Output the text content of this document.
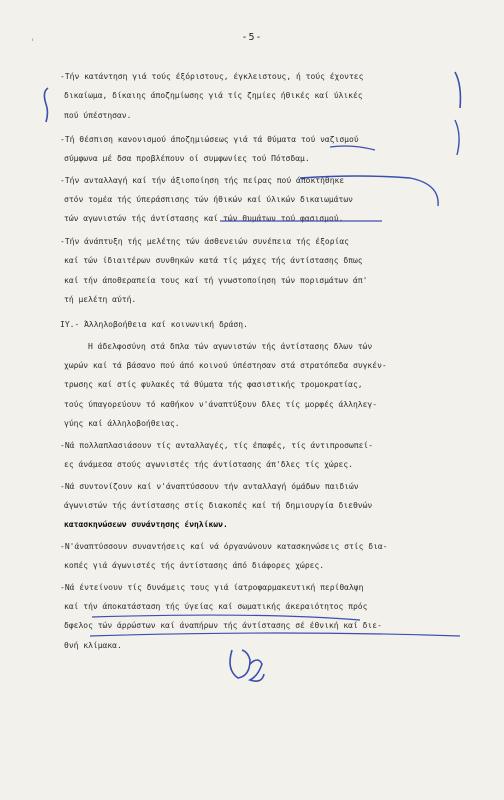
-5-
'
-Τήν κατάντηση γιά τούς έξόριστους, έγκλειστους, ή τούς έχοντες
δικαίωμα, δίκαιης άποζημίωσης γιά τίς ζημίες ήθικές καί ύλικές
πού ύπέστησαν.
-Τή θέσπιση κανονισμού άποζημιώσεως γιά τά θύματα τού ναζισμού
σύμφωνα μέ δσα προβλέπουν οί συμφωνίες τού Πότσδαμ.
-Τήν ανταλλαγή καί τήν άξιοποίηση τής πείρας πού άποκτήθηκε
στόν τομέα τής ύπεράσπισης τών ήθικών καί ύλικών δικαιωμάτων
τών αγωνιστών τής άντίστασης καί τών θυμάτων τού φασισμού.
-Τήν άνάπτυξη τής μελέτης τών άσθενειών συνέπεια τής έξορίας
καί τών ίδιαιτέρων συνθηκών κατά τίς μάχες τής άντίστασης δπως
καί τήν άποθεραπεία τους καί τή γνωστοποίηση τών πορισμάτων άπ'
τή μελέτη αύτή.
ΙΥ.- Άλληλοβοήθεια καί κοινωνική δράση.
Η άδελφοσύνη στά δπλα τών αγωνιστών τής άντίστασης δλων τών
χωρών καί τά βάσανο πού άπό κοινού ύπέστησαν στά στρατόπεδα συγκέν-
τρωσης καί στίς φυλακές τά θύματα τής φασιστικής τρομοκρατίας,
τούς ύπαγορεύουν τό καθήκον ν'άναπτύξουν δλες τίς μορφές άλληλεγ-
γύης καί άλληλοβοήθειας.
-Νά πολλαπλασιάσουν τίς ανταλλαγές, τίς έπαφές, τίς άντιπροσωπεί-
ες άνάμεσα στούς αγωνιστές τής άντίστασης άπ'δλες τίς χώρες.
-Νά συντονίζουν καί ν'άναπτύσσουν τήν ανταλλαγή όμάδων παιδιών
άγωνιστών τής άντίστασης στίς διακοπές καί τή δημιουργία διεθνών
κατασκηνώσεων συνάντησης ένηλίκων.
-Ν'άναπτύσσουν συναντήσεις καί νά όργανώνουν κατασκηνώσεις στίς δια-
κοπές γιά άγωνιστές τής άντίστασης άπό διάφορες χώρες.
-Νά έντείνουν τίς δυνάμεις τους γιά ίατροφαρμακευτική περίθαλψη
καί τήν άποκατάσταση τής ύγείας καί σωματικής άκεραιότητος πρός
δφελος τών άρρώστων καί άναπήρων τής άντίστασης σέ έθνική καί διε-
θνή κλίμακα.
